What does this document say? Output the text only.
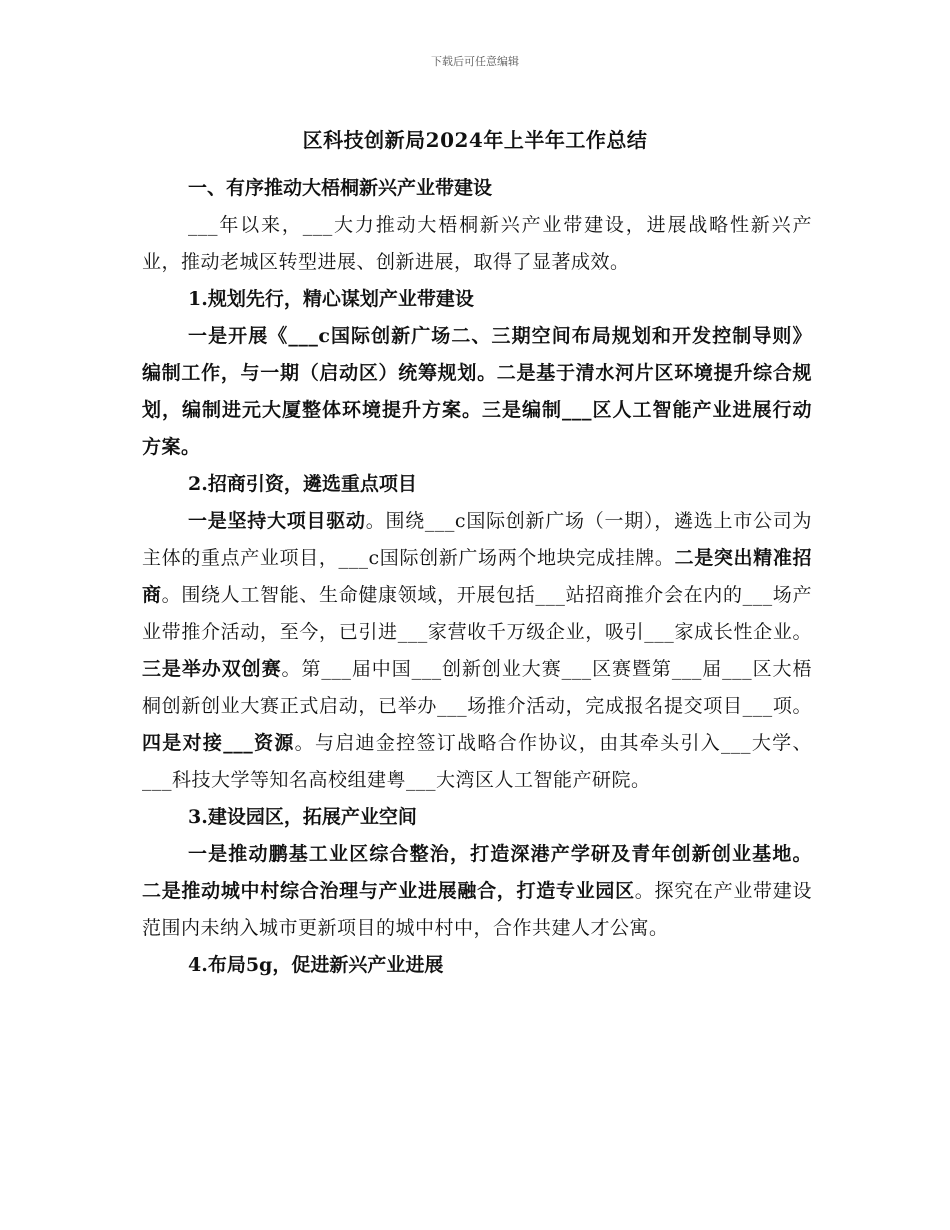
下载后可任意编辑
区科技创新局2024年上半年工作总结

一、有序推动大梧桐新兴产业带建设

___年以来，___大力推动大梧桐新兴产业带建设，进展战略性新兴产业，推动老城区转型进展、创新进展，取得了显著成效。

1.规划先行，精心谋划产业带建设

一是开展《___c国际创新广场二、三期空间布局规划和开发控制导则》编制工作，与一期（启动区）统筹规划。二是基于清水河片区环境提升综合规划，编制进元大厦整体环境提升方案。三是编制___区人工智能产业进展行动方案。

2.招商引资，遴选重点项目

一是坚持大项目驱动。围绕___c国际创新广场（一期），遴选上市公司为主体的重点产业项目，___c国际创新广场两个地块完成挂牌。二是突出精准招商。围绕人工智能、生命健康领域，开展包括___站招商推介会在内的___场产业带推介活动，至今，已引进___家营收千万级企业，吸引___家成长性企业。三是举办双创赛。第___届中国___创新创业大赛___区赛暨第___届___区大梧桐创新创业大赛正式启动，已举办___场推介活动，完成报名提交项目___项。四是对接___资源。与启迪金控签订战略合作协议，由其牵头引入___大学、___科技大学等知名高校组建粤___大湾区人工智能产研院。

3.建设园区，拓展产业空间

一是推动鹏基工业区综合整治，打造深港产学研及青年创新创业基地。二是推动城中村综合治理与产业进展融合，打造专业园区。探究在产业带建设范围内未纳入城市更新项目的城中村中，合作共建人才公寓。

4.布局5g，促进新兴产业进展
